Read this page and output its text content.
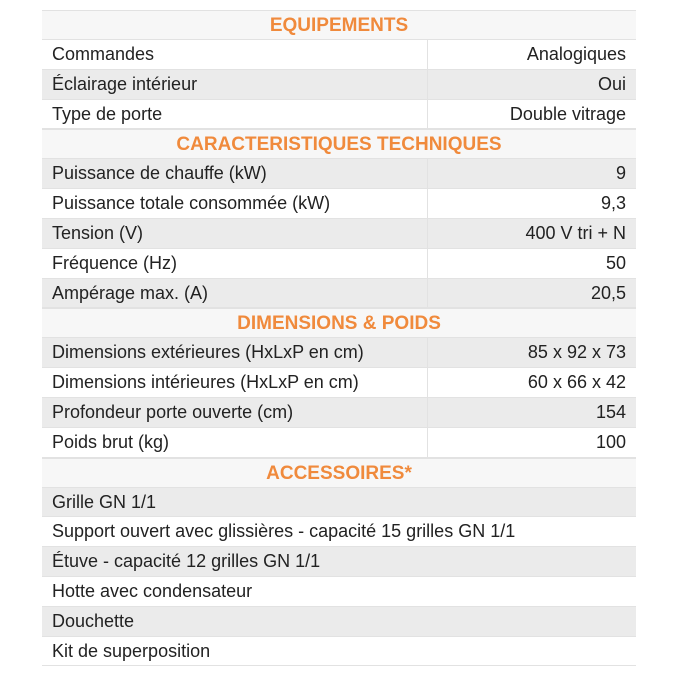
EQUIPEMENTS
Commandes	Analogiques
Éclairage intérieur	Oui
Type de porte	Double vitrage
CARACTERISTIQUES TECHNIQUES
Puissance de chauffe (kW)	9
Puissance totale consommée (kW)	9,3
Tension (V)	400 V tri + N
Fréquence (Hz)	50
Ampérage max. (A)	20,5
DIMENSIONS & POIDS
Dimensions extérieures (HxLxP en cm)	85 x 92 x 73
Dimensions intérieures (HxLxP en cm)	60 x 66 x 42
Profondeur porte ouverte (cm)	154
Poids brut (kg)	100
ACCESSOIRES*
Grille GN 1/1
Support ouvert avec glissières - capacité 15 grilles GN 1/1
Étuve - capacité 12 grilles GN 1/1
Hotte avec condensateur
Douchette
Kit de superposition
